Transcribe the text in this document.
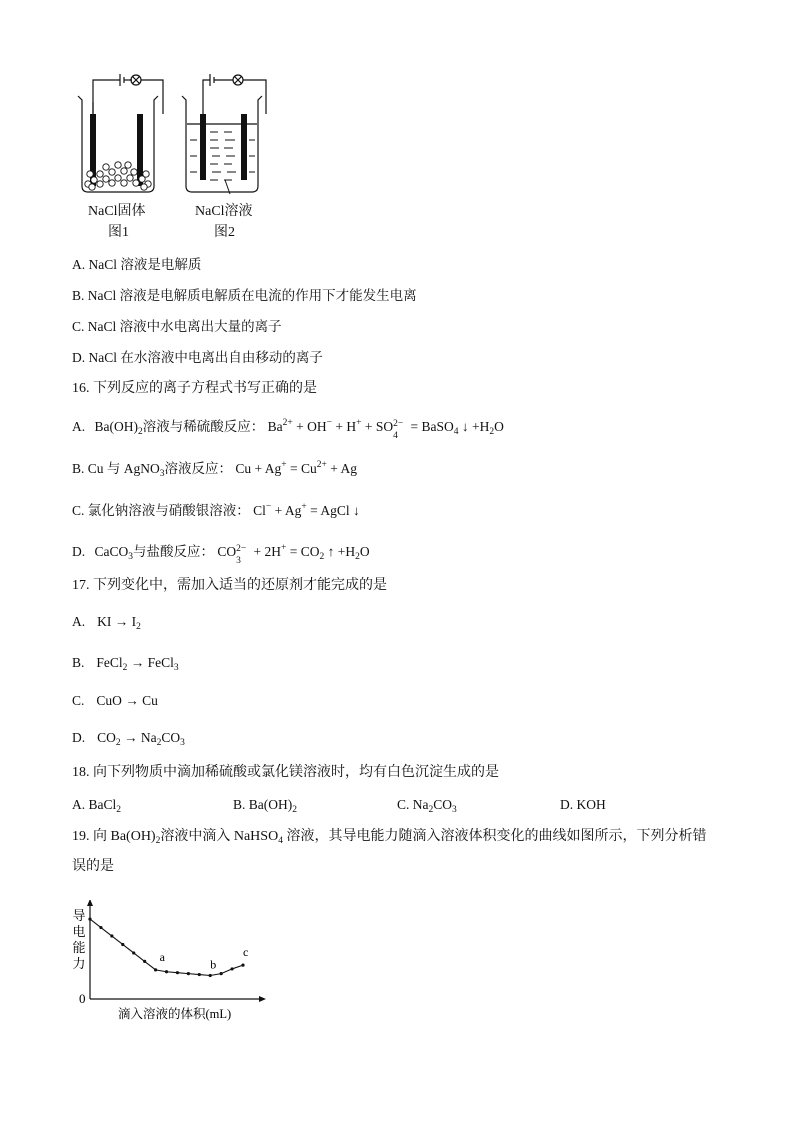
NaCl固体
图1
NaCl溶液
图2
A. NaCl 溶液是电解质
B. NaCl 溶液是电解质电解质在电流的作用下才能发生电离
C. NaCl 溶液中水电离出大量的离子
D. NaCl 在水溶液中电离出自由移动的离子
16. 下列反应的离子方程式书写正确的是
A. $Ba(OH)_2$溶液与稀硫酸反应： $Ba^{2+} + OH^- + H^+$ + SO 2−
4
= BaSO$_4$ ↓ $+H_2O$
B. Cu 与 AgNO$_3$溶液反应： $Cu + Ag^+ = Cu^{2+} + Ag$
C. 氯化钠溶液与硝酸银溶液： Cl− + Ag+ = AgCl ↓
D. CaCO$_3$与盐酸反应： CO 2−
3
+ $2H^+ = CO_2$ ↑ $+H_2O$
17. 下列变化中，需加入适当的还原剂才能完成的是
A. KI → $I_2$
B. FeCl$_2$ → FeCl$_3$
C. CuO → Cu
D. $CO_2 \to Na_2CO_3$
18. 向下列物质中滴加稀硫酸或氯化镁溶液时，均有白色沉淀生成的是
A. BaCl$_2$	B. $Ba(OH)_2$	C. $Na_2CO_3$	D. KOH
19. 向 $Ba(OH)_2$溶液中滴入 NaHSO$_4$ 溶液，其导电能力随滴入溶液体积变化的曲线如图所示，下列分析错
误的是
0
滴入溶液的体积(mL)
导
电
能
力	a
b
c
